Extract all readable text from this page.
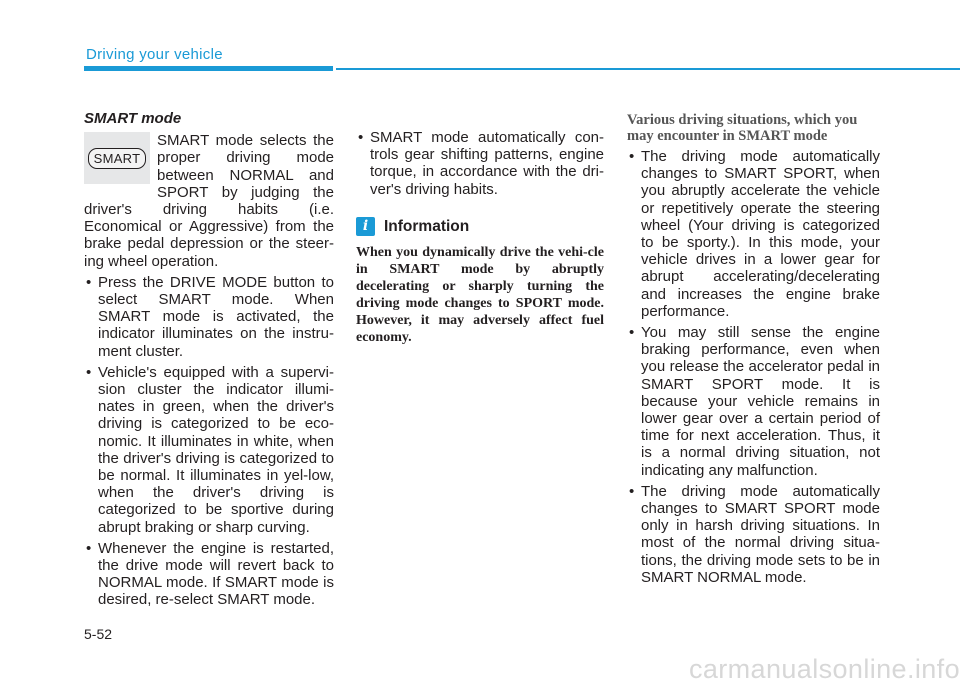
Driving your vehicle
SMART mode
SMART

SMART mode selects the proper driving mode between NORMAL and SPORT by judging the driver's driving habits (i.e. Economical or Aggressive) from the brake pedal depression or the steer-ing wheel operation.

• Press the DRIVE MODE button to select SMART mode. When SMART mode is activated, the indicator illuminates on the instru-ment cluster.
• Vehicle's equipped with a supervi-sion cluster the indicator illumi-nates in green, when the driver's driving is categorized to be eco-nomic. It illuminates in white, when the driver's driving is categorized to be normal. It illuminates in yel-low, when the driver's driving is categorized to be sportive during abrupt braking or sharp curving.
• Whenever the engine is restarted, the drive mode will revert back to NORMAL mode. If SMART mode is desired, re-select SMART mode.
• SMART mode automatically con-trols gear shifting patterns, engine torque, in accordance with the dri-ver's driving habits.
i	Information
When you dynamically drive the vehi-cle in SMART mode by abruptly decelerating or sharply turning the driving mode changes to SPORT mode. However, it may adversely affect fuel economy.
Various driving situations, which you may encounter in SMART mode
• The driving mode automatically changes to SMART SPORT, when you abruptly accelerate the vehicle or repetitively operate the steering wheel (Your driving is categorized to be sporty.). In this mode, your vehicle drives in a lower gear for abrupt accelerating/decelerating and increases the engine brake performance.
• You may still sense the engine braking performance, even when you release the accelerator pedal in SMART SPORT mode. It is because your vehicle remains in lower gear over a certain period of time for next acceleration. Thus, it is a normal driving situation, not indicating any malfunction.
• The driving mode automatically changes to SMART SPORT mode only in harsh driving situations. In most of the normal driving situa-tions, the driving mode sets to be in SMART NORMAL mode.
5-52
carmanualsonline.info
